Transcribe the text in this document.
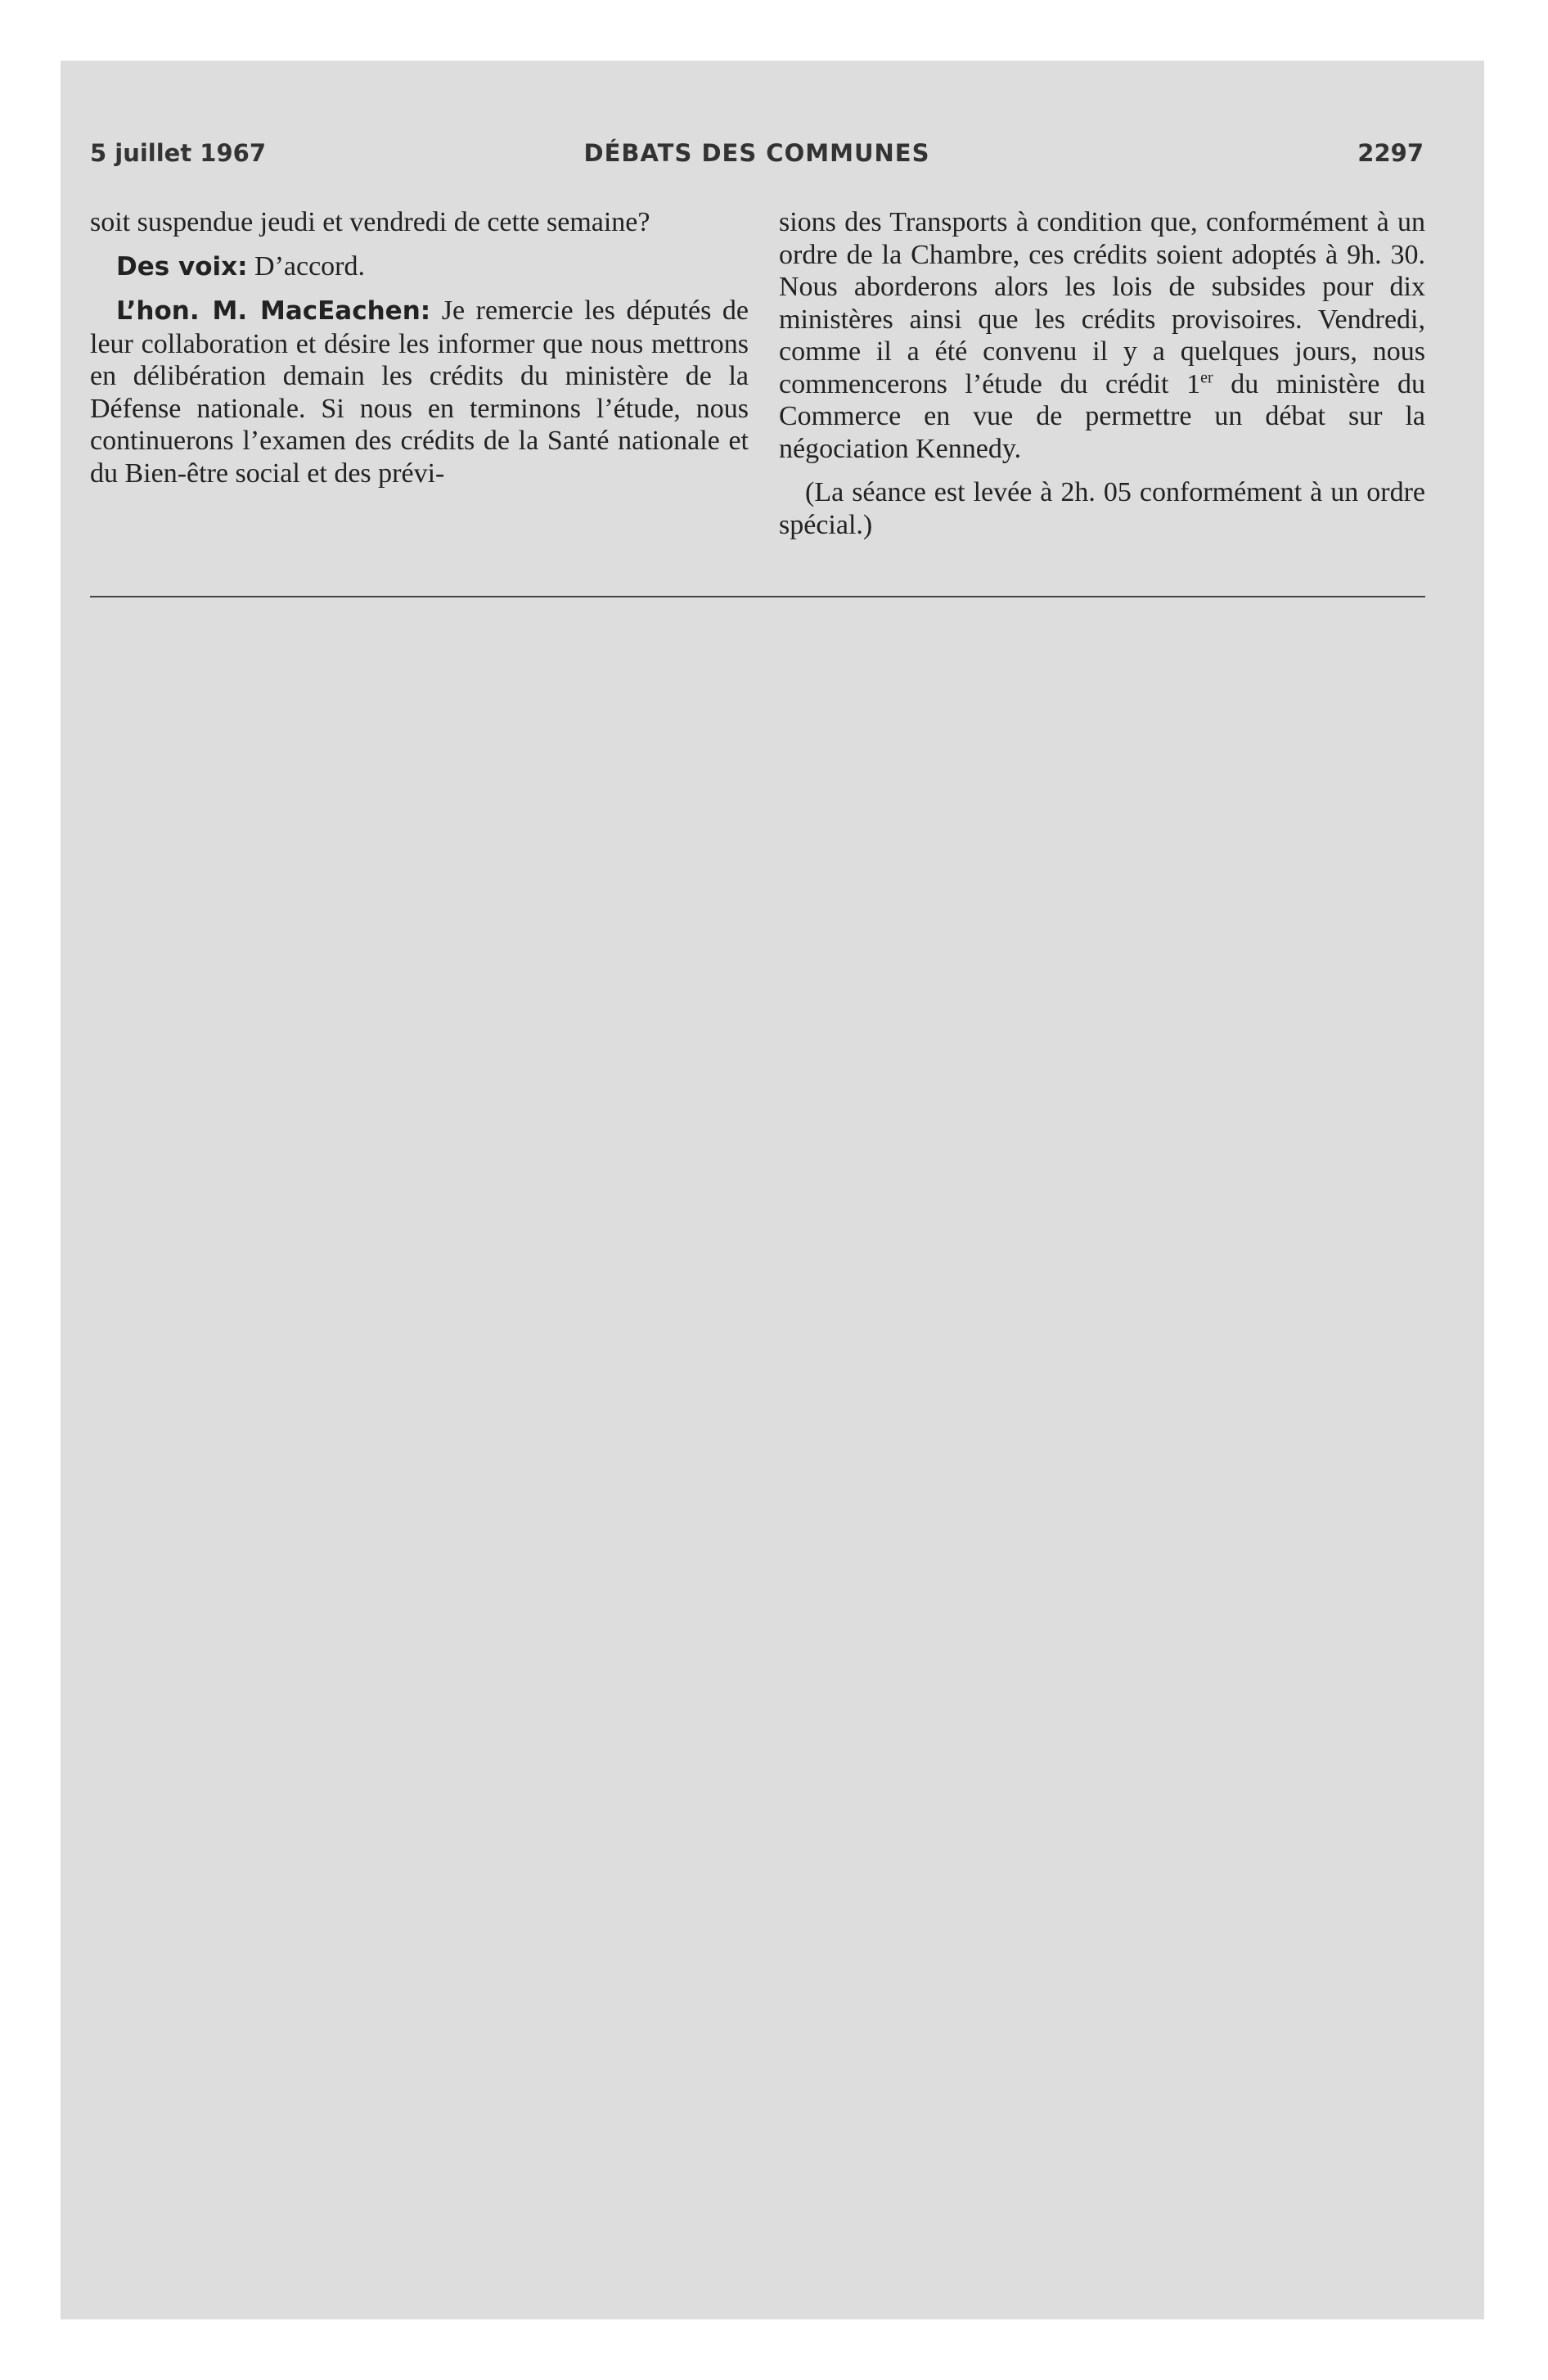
5 juillet 1967	DÉBATS DES COMMUNES	2297

soit suspendue jeudi et vendredi de cette semaine?

Des voix: D’accord.

L’hon. M. MacEachen: Je remercie les députés de leur collaboration et désire les informer que nous mettrons en délibération demain les crédits du ministère de la Défense nationale. Si nous en terminons l’étude, nous continuerons l’examen des crédits de la Santé nationale et du Bien-être social et des prévi-

sions des Transports à condition que, conformément à un ordre de la Chambre, ces crédits soient adoptés à 9h. 30. Nous aborderons alors les lois de subsides pour dix ministères ainsi que les crédits provisoires. Vendredi, comme il a été convenu il y a quelques jours, nous commencerons l’étude du crédit 1er du ministère du Commerce en vue de permettre un débat sur la négociation Kennedy.

(La séance est levée à 2h. 05 conformément à un ordre spécial.)
